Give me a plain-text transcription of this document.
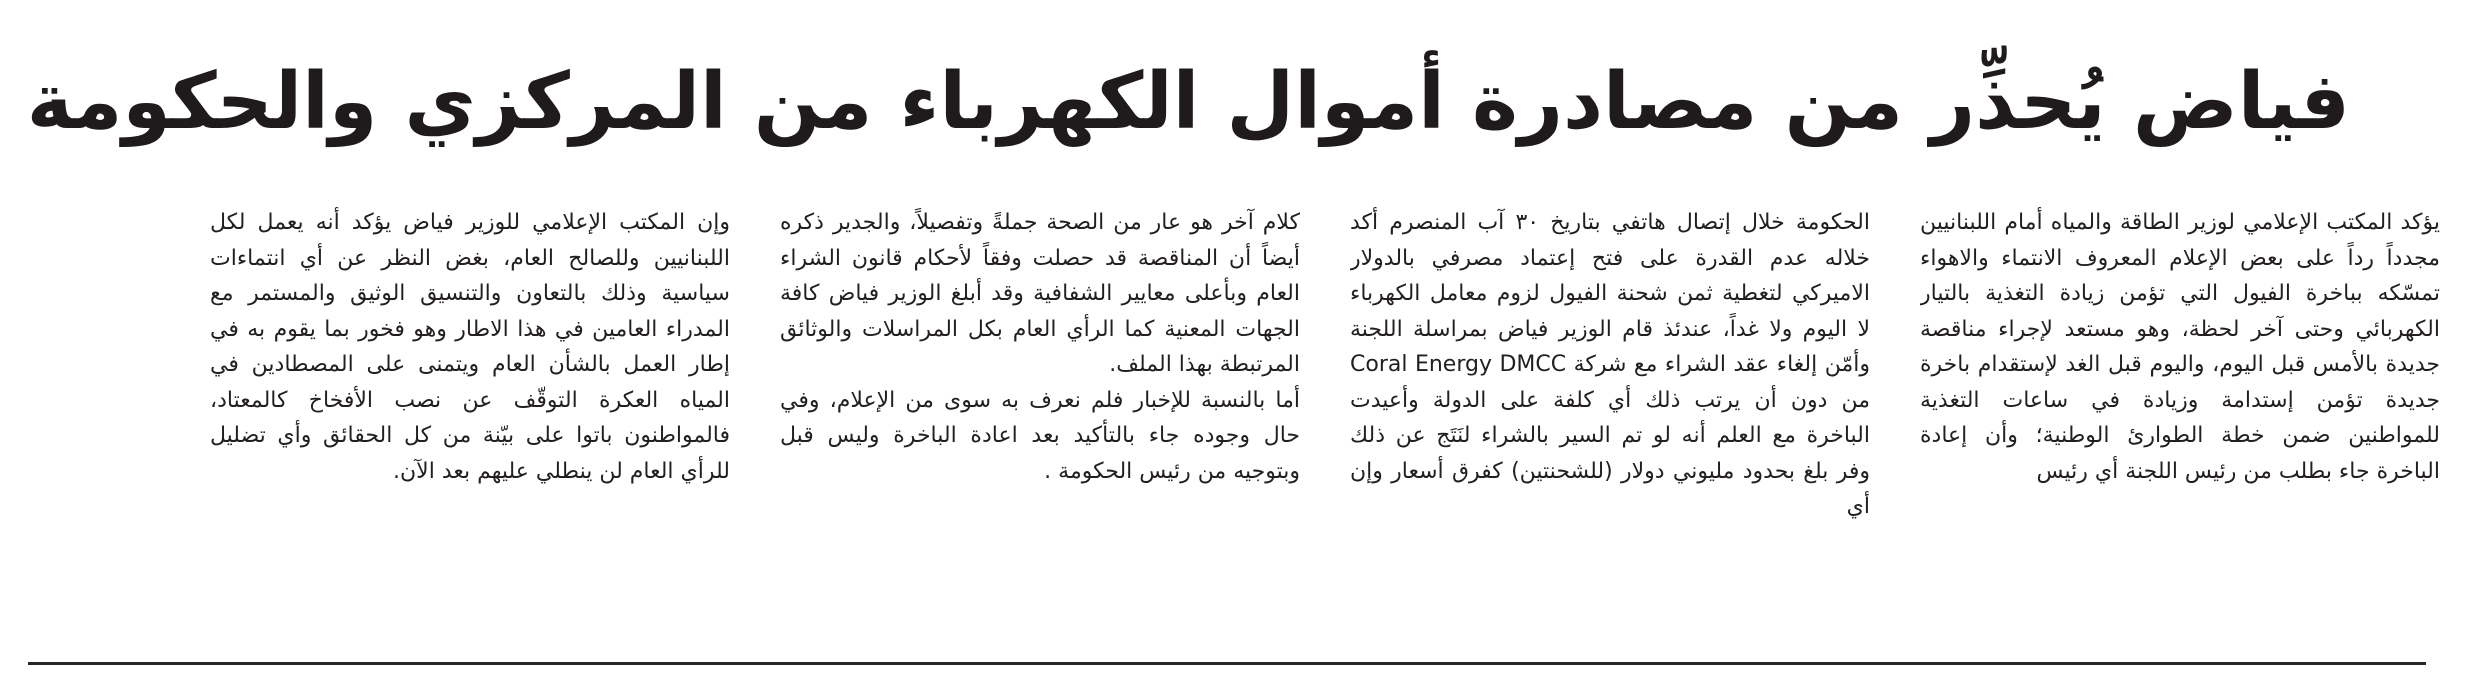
فياض يُحذِّر من مصادرة أموال الكهرباء من المركزي والحكومة

يؤكد المكتب الإعلامي لوزير الطاقة والمياه أمام اللبنانيين مجدداً رداً على بعض الإعلام المعروف الانتماء والاهواء تمسّكه بباخرة الفيول التي تؤمن زيادة التغذية بالتيار الكهربائي وحتى آخر لحظة، وهو مستعد لإجراء مناقصة جديدة بالأمس قبل اليوم، واليوم قبل الغد لإستقدام باخرة جديدة تؤمن إستدامة وزيادة في ساعات التغذية للمواطنين ضمن خطة الطوارئ الوطنية؛ وأن إعادة الباخرة جاء بطلب من رئيس اللجنة أي رئيس

الحكومة خلال إتصال هاتفي بتاريخ ٣٠ آب المنصرم أكد خلاله عدم القدرة على فتح إعتماد مصرفي بالدولار الاميركي لتغطية ثمن شحنة الفيول لزوم معامل الكهرباء لا اليوم ولا غداً، عندئذ قام الوزير فياض بمراسلة اللجنة وأمّن إلغاء عقد الشراء مع شركة Coral Energy DMCC من دون أن يرتب ذلك أي كلفة على الدولة وأعيدت الباخرة مع العلم أنه لو تم السير بالشراء لنَتَج عن ذلك وفر بلغ بحدود مليوني دولار (للشحنتين) كفرق أسعار وإن أي

كلام آخر هو عار من الصحة جملةً وتفصيلاً، والجدير ذكره أيضاً أن المناقصة قد حصلت وفقاً لأحكام قانون الشراء العام وبأعلى معايير الشفافية وقد أبلغ الوزير فياض كافة الجهات المعنية كما الرأي العام بكل المراسلات والوثائق المرتبطة بهذا الملف.

أما بالنسبة للإخبار فلم نعرف به سوى من الإعلام، وفي حال وجوده جاء بالتأكيد بعد اعادة الباخرة وليس قبل وبتوجيه من رئيس الحكومة .

وإن المكتب الإعلامي للوزير فياض يؤكد أنه يعمل لكل اللبنانيين وللصالح العام، بغض النظر عن أي انتماءات سياسية وذلك بالتعاون والتنسيق الوثيق والمستمر مع المدراء العامين في هذا الاطار وهو فخور بما يقوم به في إطار العمل بالشأن العام ويتمنى على المصطادين في المياه العكرة التوقّف عن نصب الأفخاخ كالمعتاد، فالمواطنون باتوا على بيّنة من كل الحقائق وأي تضليل للرأي العام لن ينطلي عليهم بعد الآن.
